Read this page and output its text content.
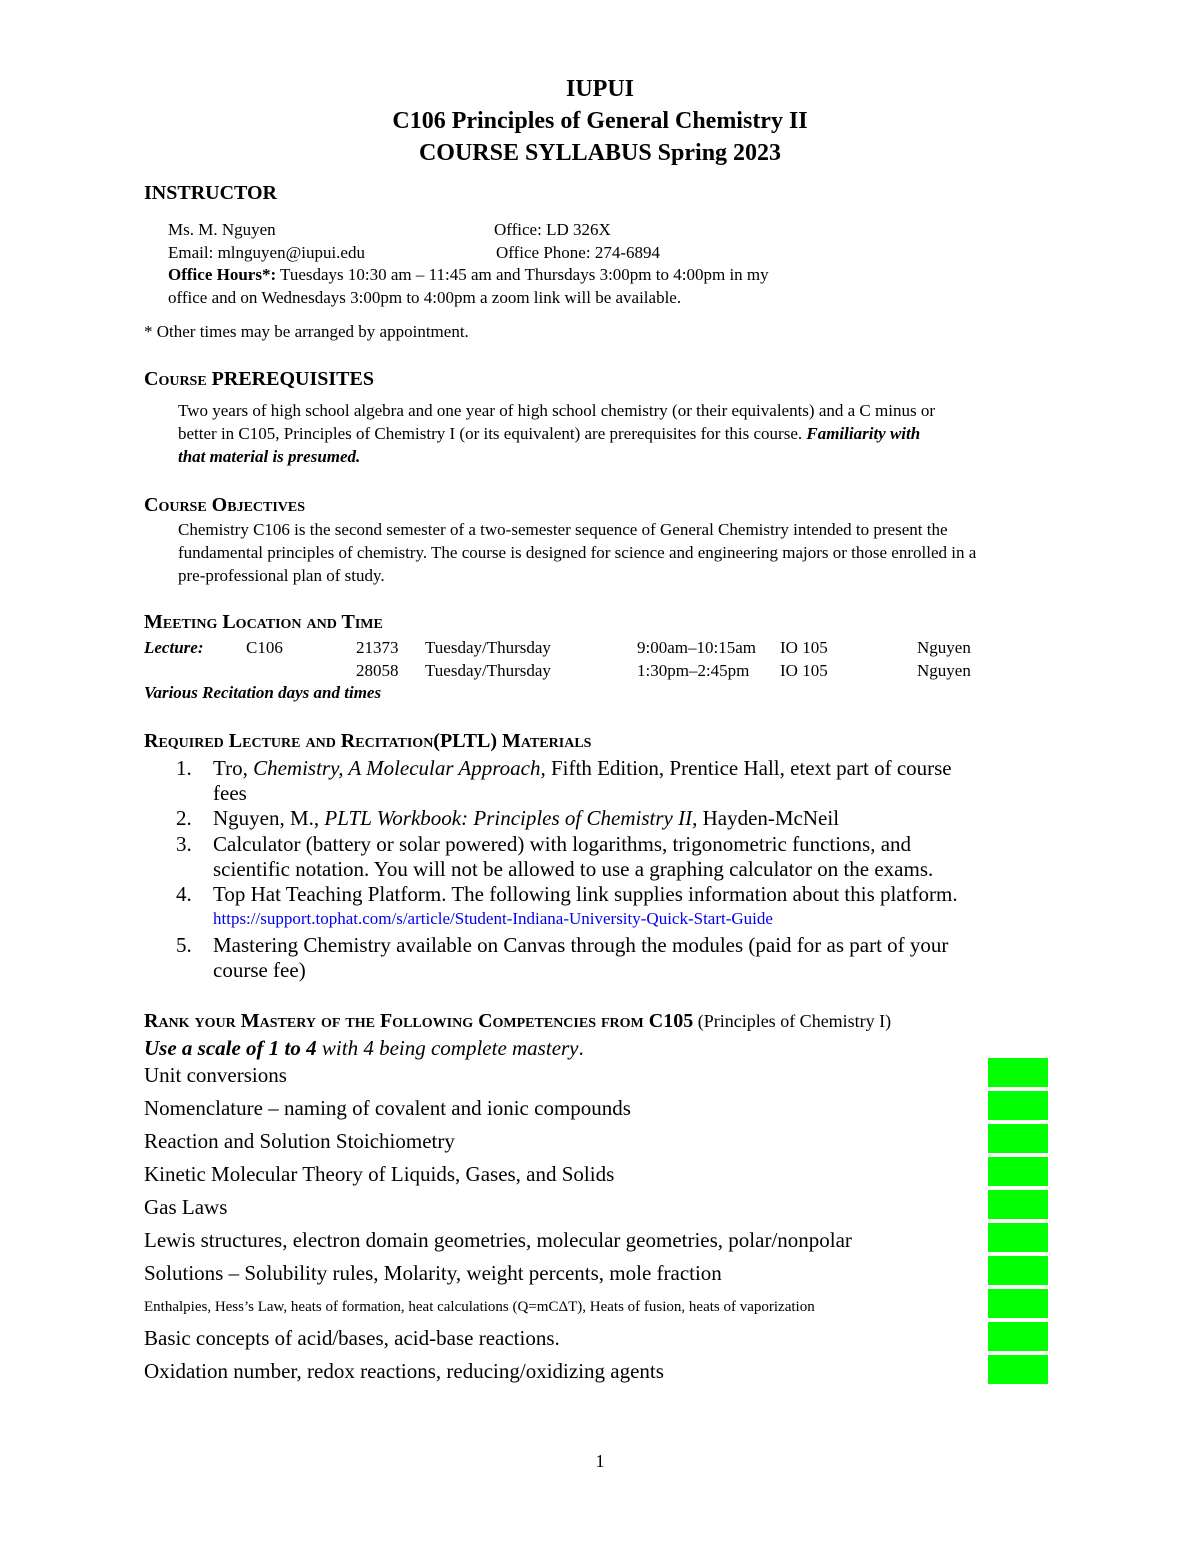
IUPUI
C106 Principles of General Chemistry II
COURSE SYLLABUS Spring 2023
INSTRUCTOR
Ms. M. Nguyen	Office: LD 326X
Email: mlnguyen@iupui.edu	Office Phone: 274-6894
Office Hours*: Tuesdays 10:30 am – 11:45 am and Thursdays 3:00pm to 4:00pm in my
office and on Wednesdays 3:00pm to 4:00pm a zoom link will be available.
* Other times may be arranged by appointment.
Course PREREQUISITES
Two years of high school algebra and one year of high school chemistry (or their equivalents) and a C minus or
better in C105, Principles of Chemistry I (or its equivalent) are prerequisites for this course. Familiarity with
that material is presumed.
Course Objectives
Chemistry C106 is the second semester of a two-semester sequence of General Chemistry intended to present the
fundamental principles of chemistry. The course is designed for science and engineering majors or those enrolled in a
pre-professional plan of study.
Meeting Location and Time
Lecture:	C106	21373 Tuesday/Thursday	9:00am–10:15am IO 105	Nguyen
28058 Tuesday/Thursday	1:30pm–2:45pm IO 105	Nguyen
Various Recitation days and times
Required Lecture and Recitation(PLTL) Materials
1.	Tro, Chemistry, A Molecular Approach, Fifth Edition, Prentice Hall, etext part of course
fees
2.	Nguyen, M., PLTL Workbook: Principles of Chemistry II, Hayden-McNeil
3.	Calculator (battery or solar powered) with logarithms, trigonometric functions, and
scientific notation. You will not be allowed to use a graphing calculator on the exams.
4.	Top Hat Teaching Platform. The following link supplies information about this platform.
https://support.tophat.com/s/article/Student-Indiana-University-Quick-Start-Guide
5.	Mastering Chemistry available on Canvas through the modules (paid for as part of your
course fee)
Rank your Mastery of the Following Competencies from C105 (Principles of Chemistry I)
Use a scale of 1 to 4 with 4 being complete mastery.
Unit conversions
Nomenclature – naming of covalent and ionic compounds
Reaction and Solution Stoichiometry
Kinetic Molecular Theory of Liquids, Gases, and Solids
Gas Laws
Lewis structures, electron domain geometries, molecular geometries, polar/nonpolar
Solutions – Solubility rules, Molarity, weight percents, mole fraction
Enthalpies, Hess’s Law, heats of formation, heat calculations (Q=mCΔT), Heats of fusion, heats of vaporization
Basic concepts of acid/bases, acid-base reactions.
Oxidation number, redox reactions, reducing/oxidizing agents
1
